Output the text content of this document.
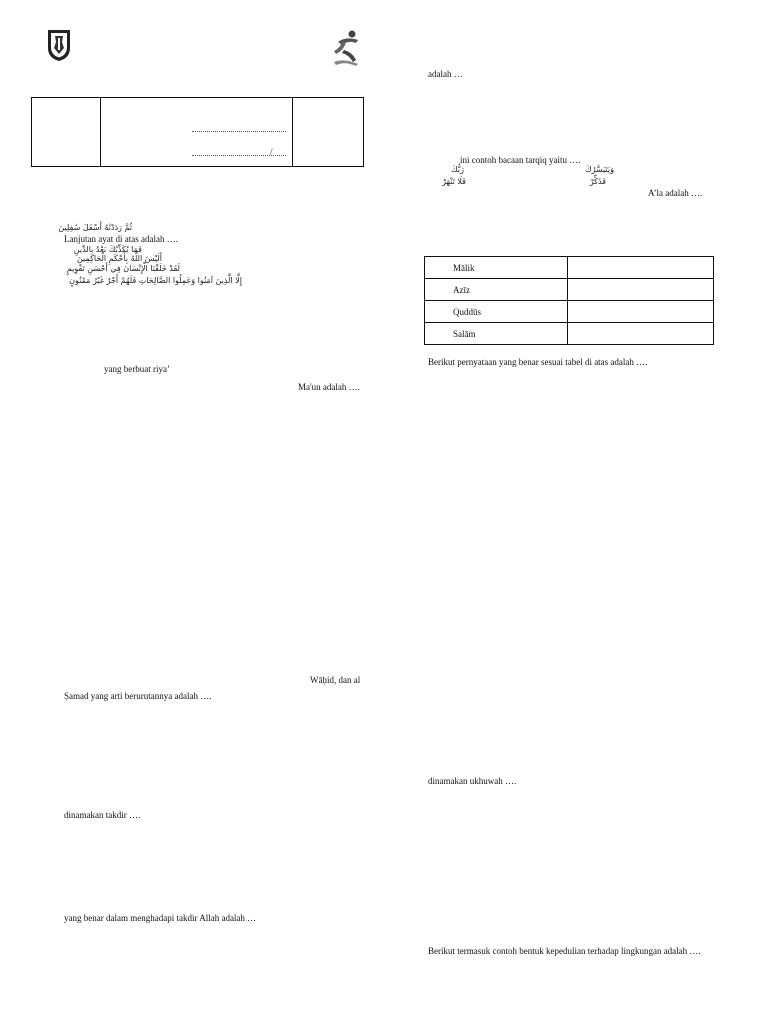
/
ثُمَّ رَدَدْنَٰهُ أَسْفَلَ سَٰفِلِينَ
Lanjutan ayat di atas adalah ….
فَمَا يُكَذِّبُكَ بَعْدُ بِالدِّينِ
أَلَيْسَ اللَّهُ بِأَحْكَمِ الْحَاكِمِينَ
لَقَدْ خَلَقْنَا الْإِنْسَانَ فِي أَحْسَنِ تَقْوِيمٍ
إِلَّا الَّذِينَ آمَنُوا وَعَمِلُوا الصَّالِحَاتِ فَلَهُمْ أَجْرٌ غَيْرُ مَمْنُونٍ
yang berbuat riya’
Ma'un adalah ….
Wāḥid, dan al
Ṣamad yang arti berurutannya adalah ….
dinamakan takdir ….
yang benar dalam menghadapi takdir Allah adalah …
adalah …
ini contoh bacaan tarqiq yaitu ….
رَبُّكَ	وَيَتَيَسَّرُكَ
فَلَا تَنْهَرْ	فَذَكِّرْ
A’la adalah ….
Mālik	
Azīz	
Quddūs	
Salām	
Berikut pernyataan yang benar sesuai tabel di atas adalah ….
dinamakan ukhuwah ….
Berikut termasuk contoh bentuk kepedulian terhadap lingkungan adalah ….
